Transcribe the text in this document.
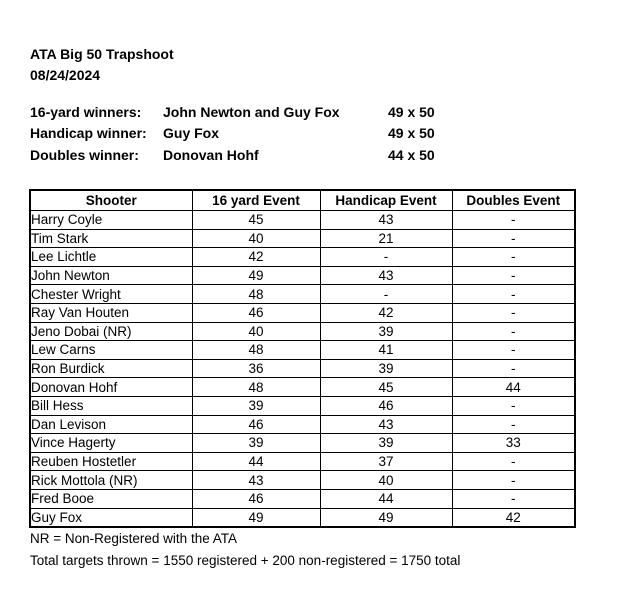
ATA Big 50 Trapshoot
08/24/2024
16-yard winners:	John Newton and Guy Fox	49 x 50
Handicap winner:	Guy Fox	49 x 50
Doubles winner:	Donovan Hohf	44 x 50
Shooter	16 yard Event	Handicap Event	Doubles Event
Harry Coyle	45	43	-
Tim Stark	40	21	-
Lee Lichtle	42	-	-
John Newton	49	43	-
Chester Wright	48	-	-
Ray Van Houten	46	42	-
Jeno Dobai (NR)	40	39	-
Lew Carns	48	41	-
Ron Burdick	36	39	-
Donovan Hohf	48	45	44
Bill Hess	39	46	-
Dan Levison	46	43	-
Vince Hagerty	39	39	33
Reuben Hostetler	44	37	-
Rick Mottola (NR)	43	40	-
Fred Booe	46	44	-
Guy Fox	49	49	42
NR = Non-Registered with the ATA
Total targets thrown = 1550 registered + 200 non-registered = 1750 total
